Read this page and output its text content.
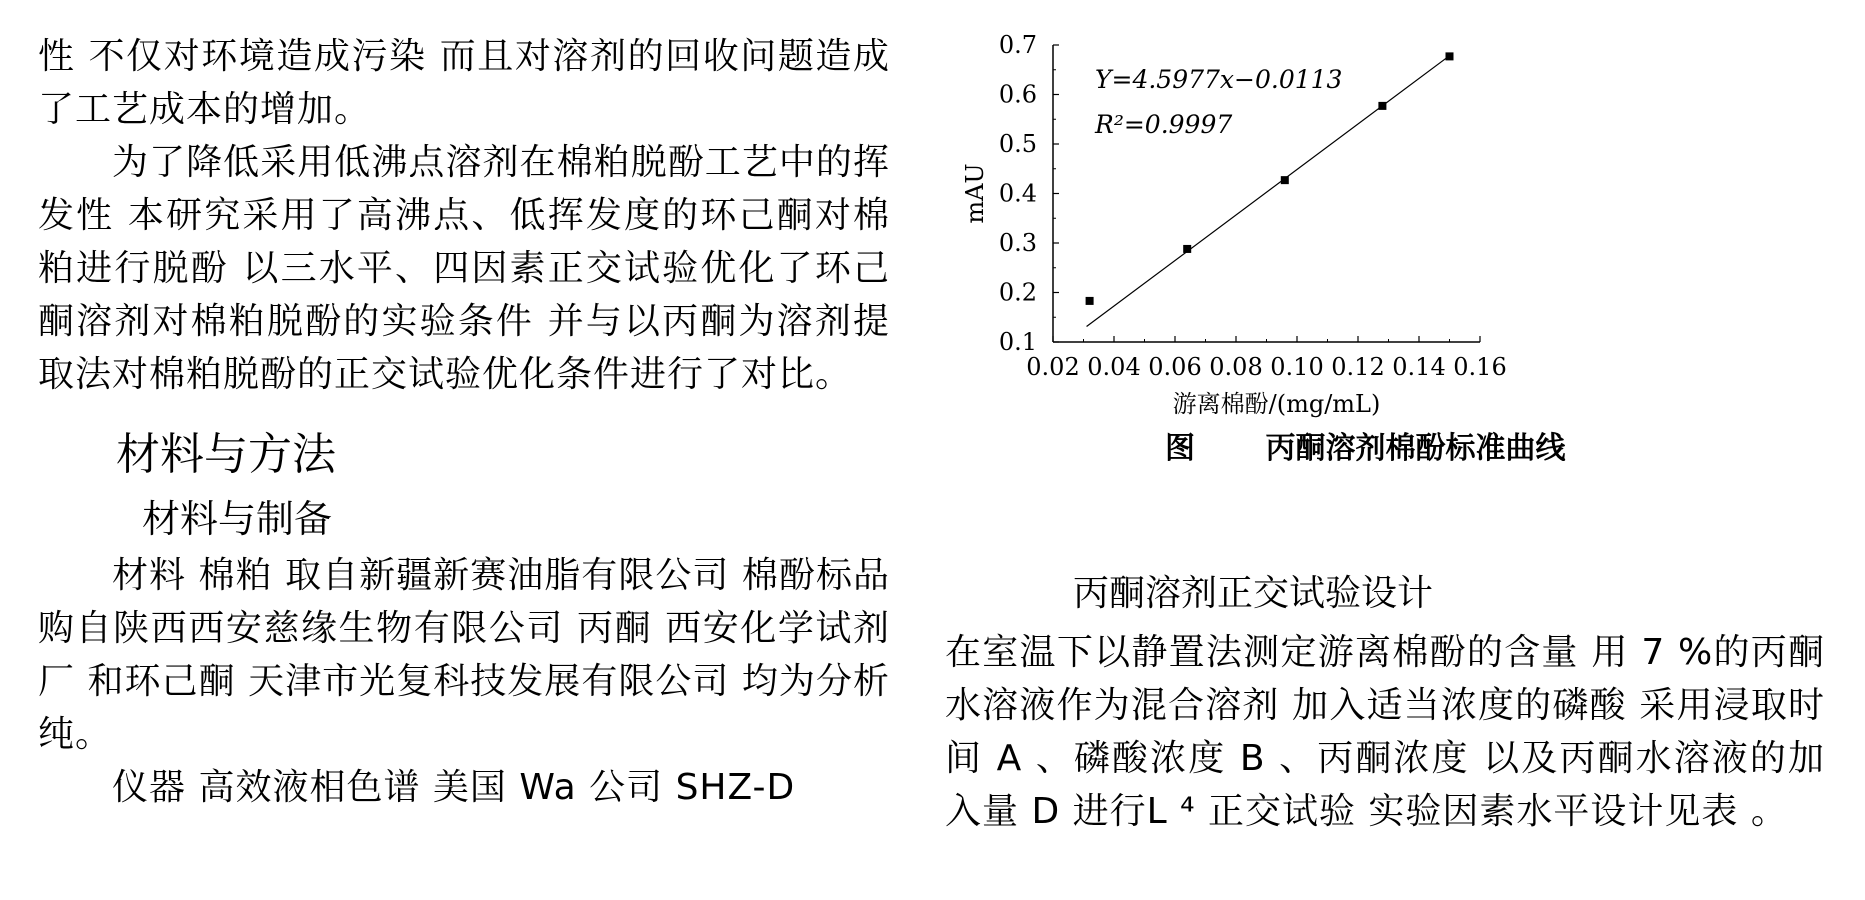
性 不仅对环境造成污染 而且对溶剂的回收问题造成了工艺成本的增加。

为了降低采用低沸点溶剂在棉粕脱酚工艺中的挥发性 本研究采用了高沸点、低挥发度的环己酮对棉粕进行脱酚 以三水平、四因素正交试验优化了环己酮溶剂对棉粕脱酚的实验条件 并与以丙酮为溶剂提取法对棉粕脱酚的正交试验优化条件进行了对比。

材料与方法
材料与制备

材料 棉粕 取自新疆新赛油脂有限公司 棉酚标品购自陕西西安慈缘生物有限公司 丙酮 西安化学试剂厂 和环己酮 天津市光复科技发展有限公司 均为分析纯。

仪器 高效液相色谱 美国 Wa 公司 SHZ-D

0.1
0.2
0.3
0.4
0.5
0.6
0.7
0.02 0.04 0.06 0.08 0.10 0.12 0.14 0.16
Y=4.5977x−0.0113
R²=0.9997
游离棉酚/(mg/mL)
mAU
图 丙酮溶剂棉酚标准曲线
丙酮溶剂正交试验设计

在室温下以静置法测定游离棉酚的含量 用 7 %的丙酮水溶液作为混合溶剂 加入适当浓度的磷酸 采用浸取时间 A 、磷酸浓度 B 、丙酮浓度 以及丙酮水溶液的加入量 D 进行L ⁴ 正交试验 实验因素水平设计见表 。
